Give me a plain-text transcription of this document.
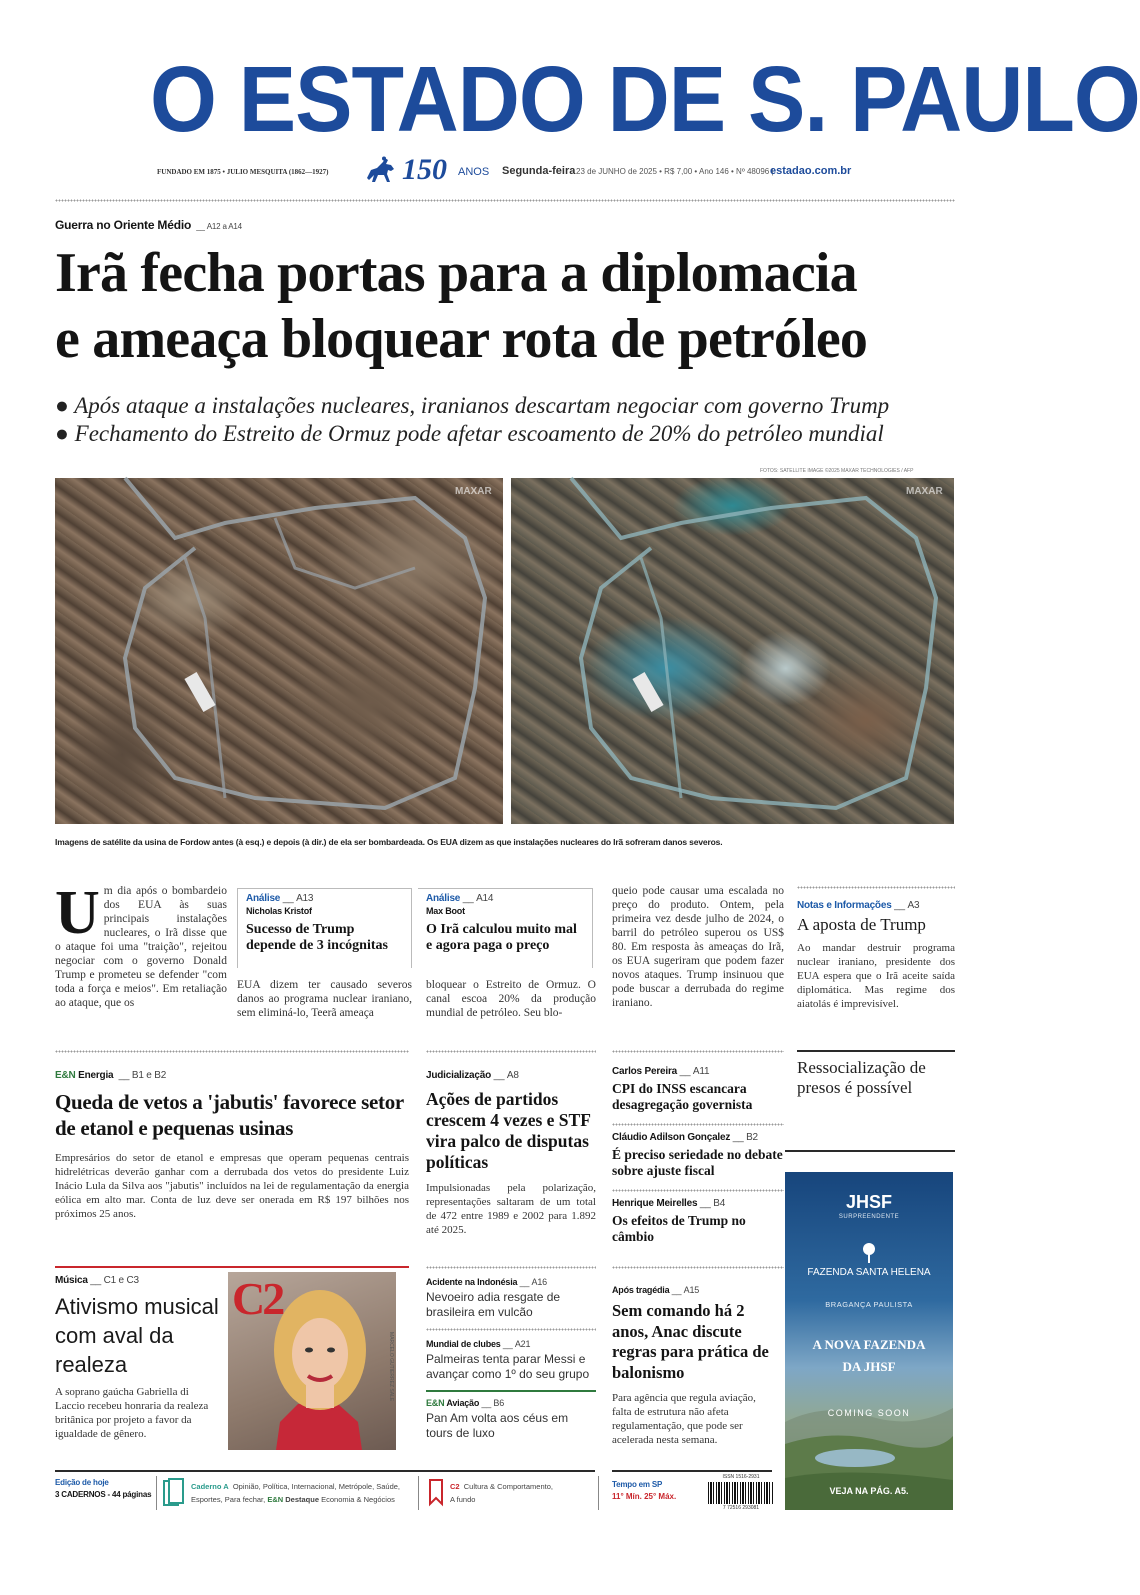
O ESTADO DE S. PAULO
FUNDADO EM 1875 • JULIO MESQUITA (1862—1927) 150 ANOS Segunda-feira 23 de JUNHO de 2025 • R$ 7,00 • Ano 146 • Nº 48096 |
estadao.com.br
Guerra no Oriente Médio  __ A12 a A14
Irã fecha portas para a diplomacia
e ameaça bloquear rota de petróleo
● Após ataque a instalações nucleares, iranianos descartam negociar com governo Trump
● Fechamento do Estreito de Ormuz pode afetar escoamento de 20% do petróleo mundial
FOTOS: SATELLITE IMAGE ©2025 MAXAR TECHNOLOGIES / AFP
MAXAR	MAXAR
Imagens de satélite da usina de Fordow antes (à esq.) e depois (à dir.) de ela ser bombardeada. Os EUA dizem as que instalações nucleares do Irã sofreram danos severos.
U m dia após o bombardeio dos EUA às suas principais instalações nucleares, o Irã disse que o ataque foi uma "traição", rejeitou negociar com o governo Donald Trump e prometeu se defender "com toda a força e meios". Em retaliação ao ataque, que os
Análise __ A13
Nicholas Kristof
Sucesso de Trump depende de 3 incógnitas
Análise __ A14
Max Boot
O Irã calculou muito mal e agora paga o preço
EUA dizem ter causado severos danos ao programa nuclear iraniano, sem eliminá-lo, Teerã ameaça
bloquear o Estreito de Ormuz. O canal escoa 20% da produção mundial de petróleo. Seu blo-
queio pode causar uma escalada no preço do produto. Ontem, pela primeira vez desde julho de 2024, o barril do petróleo superou os US$ 80. Em resposta às ameaças do Irã, os EUA sugeriram que podem fazer novos ataques. Trump insinuou que pode buscar a derrubada do regime iraniano.
Notas e Informações __ A3
A aposta de Trump
Ao mandar destruir programa nuclear iraniano, presidente dos EUA espera que o Irã aceite saída diplomática. Mas regime dos aiatolás é imprevisível.
E&N Energia  __ B1 e B2
Queda de vetos a 'jabutis' favorece setor de etanol e pequenas usinas
Empresários do setor de etanol e empresas que operam pequenas centrais hidrelétricas deverão ganhar com a derrubada dos vetos do presidente Luiz Inácio Lula da Silva aos "jabutis" incluídos na lei de regulamentação da energia eólica em alto mar. Conta de luz deve ser onerada em R$ 197 bilhões nos próximos 25 anos.
Judicialização __ A8
Ações de partidos crescem 4 vezes e STF vira palco de disputas políticas
Impulsionadas pela polarização, representações saltaram de um total de 472 entre 1989 e 2002 para 1.892 até 2025.
Carlos Pereira __ A11
CPI do INSS escancara desagregação governista
Cláudio Adilson Gonçalez __ B2
É preciso seriedade no debate sobre ajuste fiscal
Henrique Meirelles __ B4
Os efeitos de Trump no câmbio
Ressocialização de presos é possível
Música __ C1 e C3
Ativismo musical com aval da realeza
A soprano gaúcha Gabriella di Laccio recebeu honraria da realeza britânica por projeto a favor da igualdade de gênero.
C2
MARCELO GUTIERREZ SALE
Acidente na Indonésia __ A16
Nevoeiro adia resgate de brasileira em vulcão
Mundial de clubes __ A21
Palmeiras tenta parar Messi e avançar como 1º do seu grupo
E&N Aviação __ B6
Pan Am volta aos céus em tours de luxo
Após tragédia __ A15
Sem comando há 2 anos, Anac discute regras para prática de balonismo
Para agência que regula aviação, falta de estrutura não afeta regulamentação, que pode ser acelerada nesta semana.
JHSF
SURPREENDENTE
FAZENDA SANTA HELENA
BRAGANÇA PAULISTA
A NOVA FAZENDA
DA JHSF
COMING SOON
VEJA NA PÁG. A5.
Edição de hoje
3 CADERNOS - 44 páginas
Caderno A Opinião, Política, Internacional, Metrópole, Saúde,
Esportes, Para fechar, E&N Destaque Economia & Negócios
C2 Cultura & Comportamento,
A fundo
Tempo em SP
11° Mín. 25° Máx.
ISSN 1516-2931
7 72516 293081
